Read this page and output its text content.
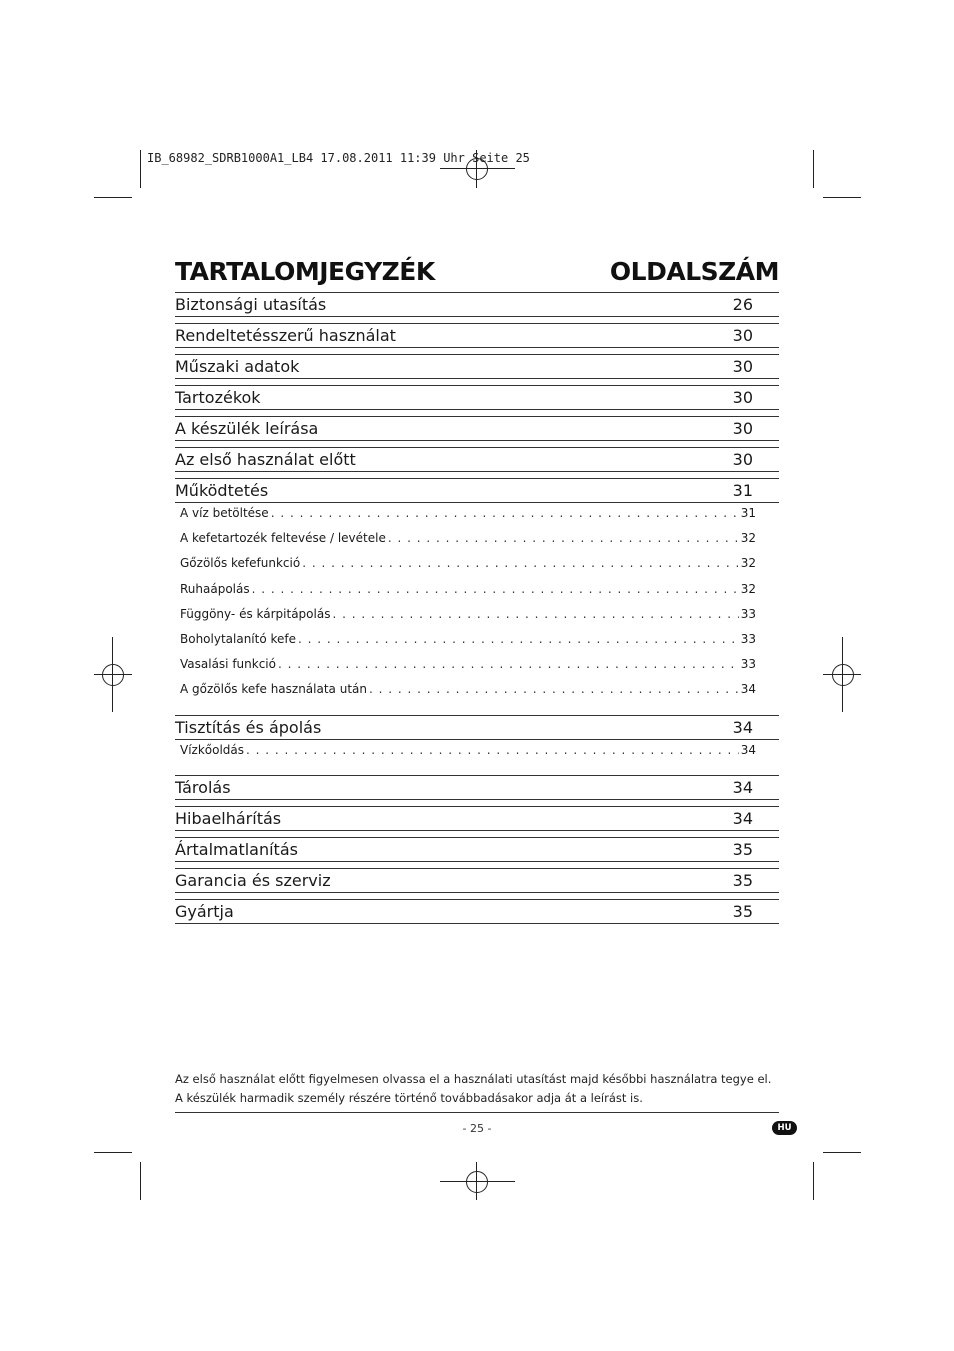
IB_68982_SDRB1000A1_LB4 17.08.2011 11:39 Uhr Seite 25
TARTALOMJEGYZÉK	OLDALSZÁM
Biztonsági utasítás	26
Rendeltetésszerű használat	30
Műszaki adatok	30
Tartozékok	30
A készülék leírása	30
Az első használat előtt	30
Működtetés	31
A víz betöltése . . .	31
A kefetartozék feltevése / levétele . . .	32
Gőzölős kefefunkció . . .	32
Ruhaápolás . . .	32
Függöny- és kárpitápolás . . .	33
Boholytalanító kefe . . .	33
Vasalási funkció . . .	33
A gőzölős kefe használata után . . .	34
Tisztítás és ápolás	34
Vízkőoldás . . .	34
Tárolás	34
Hibaelhárítás	34
Ártalmatlanítás	35
Garancia és szerviz	35
Gyártja	35
Az első használat előtt figyelmesen olvassa el a használati utasítást majd későbbi használatra tegye el.
A készülék harmadik személy részére történő továbbadásakor adja át a leírást is.
- 25 -	HU
